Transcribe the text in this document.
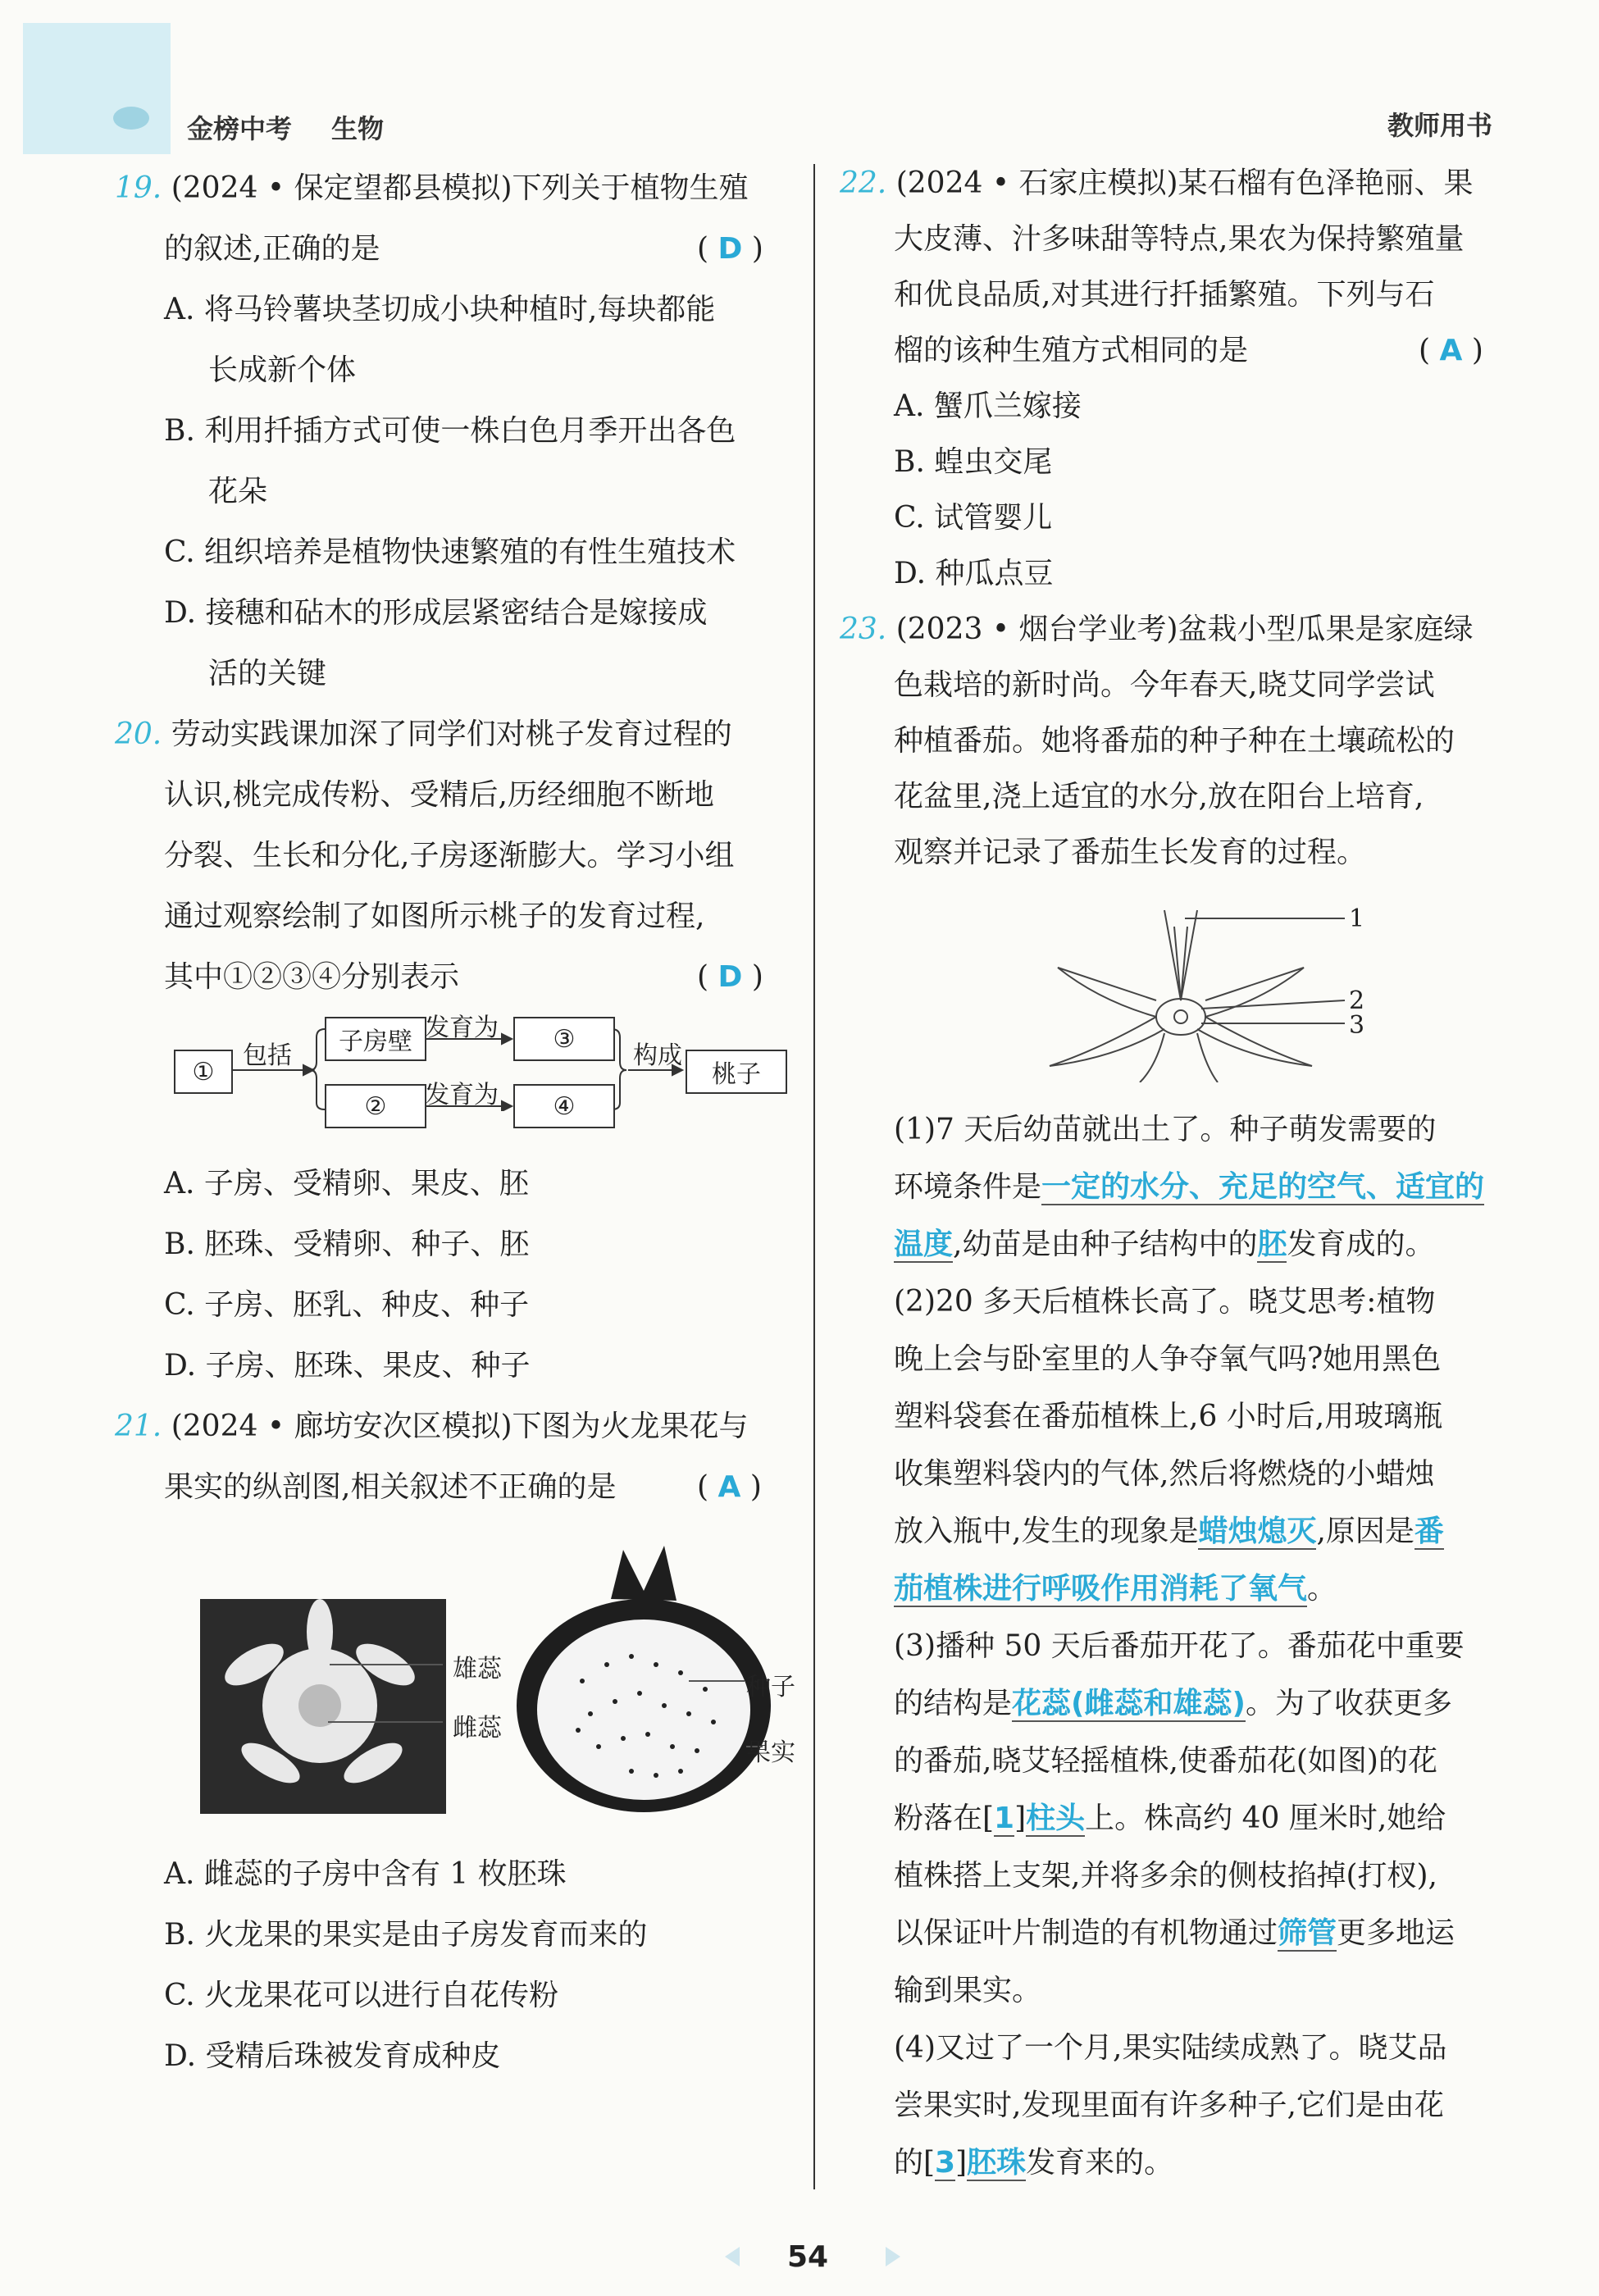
金榜中考 生物	教师用书
19. (2024 • 保定望都县模拟)下列关于植物生殖
的叙述,正确的是	( D )
A. 将马铃薯块茎切成小块种植时,每块都能
长成新个体
B. 利用扦插方式可使一株白色月季开出各色
花朵
C. 组织培养是植物快速繁殖的有性生殖技术
D. 接穗和砧木的形成层紧密结合是嫁接成
活的关键
20. 劳动实践课加深了同学们对桃子发育过程的
认识,桃完成传粉、受精后,历经细胞不断地
分裂、生长和分化,子房逐渐膨大。学习小组
通过观察绘制了如图所示桃子的发育过程,
其中①②③④分别表示	( D )
①
包括	子房壁
②
发育为
发育为
③
④
构成
桃子
A. 子房、受精卵、果皮、胚
B. 胚珠、受精卵、种子、胚
C. 子房、胚乳、种皮、种子
D. 子房、胚珠、果皮、种子
21. (2024 • 廊坊安次区模拟)下图为火龙果花与
果实的纵剖图,相关叙述不正确的是	( A )
雄蕊
雌蕊
种子
果实
A. 雌蕊的子房中含有 1 枚胚珠
B. 火龙果的果实是由子房发育而来的
C. 火龙果花可以进行自花传粉
D. 受精后珠被发育成种皮
22. (2024 • 石家庄模拟)某石榴有色泽艳丽、果
大皮薄、汁多味甜等特点,果农为保持繁殖量
和优良品质,对其进行扦插繁殖。下列与石
榴的该种生殖方式相同的是	( A )
A. 蟹爪兰嫁接
B. 蝗虫交尾
C. 试管婴儿
D. 种瓜点豆
23. (2023 • 烟台学业考)盆栽小型瓜果是家庭绿
色栽培的新时尚。今年春天,晓艾同学尝试
种植番茄。她将番茄的种子种在土壤疏松的
花盆里,浇上适宜的水分,放在阳台上培育,
观察并记录了番茄生长发育的过程。
1
2
3
(1)7 天后幼苗就出土了。种子萌发需要的
环境条件是一定的水分、充足的空气、适宜的
温度,幼苗是由种子结构中的胚发育成的。
(2)20 多天后植株长高了。晓艾思考:植物
晚上会与卧室里的人争夺氧气吗?她用黑色
塑料袋套在番茄植株上,6 小时后,用玻璃瓶
收集塑料袋内的气体,然后将燃烧的小蜡烛
放入瓶中,发生的现象是蜡烛熄灭,原因是番
茄植株进行呼吸作用消耗了氧气。
(3)播种 50 天后番茄开花了。番茄花中重要
的结构是花蕊(雌蕊和雄蕊)。为了收获更多
的番茄,晓艾轻摇植株,使番茄花(如图)的花
粉落在[1]柱头上。株高约 40 厘米时,她给
植株搭上支架,并将多余的侧枝掐掉(打杈),
以保证叶片制造的有机物通过筛管更多地运
输到果实。
(4)又过了一个月,果实陆续成熟了。晓艾品
尝果实时,发现里面有许多种子,它们是由花
的[3]胚珠发育来的。
54
